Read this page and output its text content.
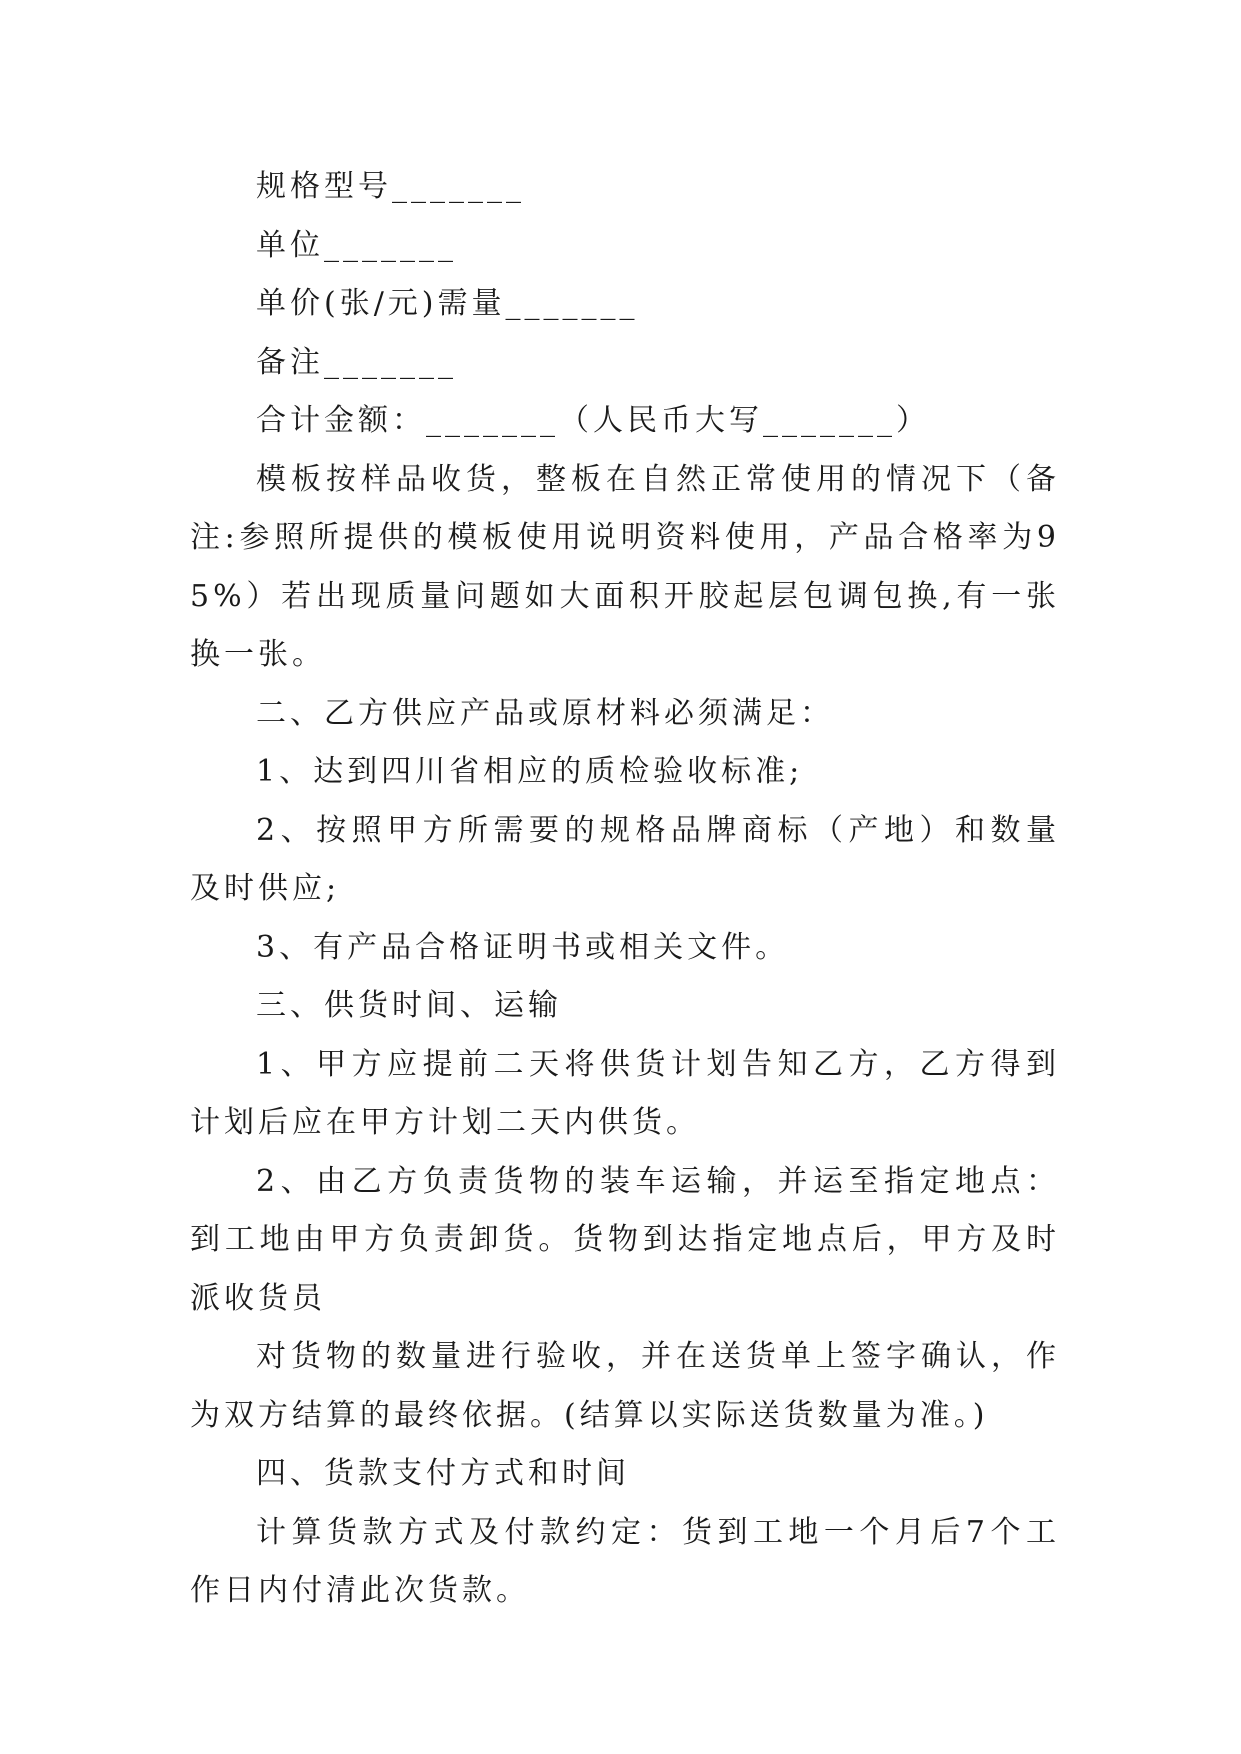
规格型号_______

单位_______

单价(张/元)需量_______

备注_______

合计金额：_______（人民币大写_______）

模板按样品收货，整板在自然正常使用的情况下（备注:参照所提供的模板使用说明资料使用，产品合格率为95%）若出现质量问题如大面积开胶起层包调包换,有一张换一张。

二、乙方供应产品或原材料必须满足：

1、达到四川省相应的质检验收标准;

2、按照甲方所需要的规格品牌商标（产地）和数量及时供应;

3、有产品合格证明书或相关文件。

三、供货时间、运输

1、甲方应提前二天将供货计划告知乙方，乙方得到计划后应在甲方计划二天内供货。

2、由乙方负责货物的装车运输，并运至指定地点：到工地由甲方负责卸货。货物到达指定地点后，甲方及时派收货员

对货物的数量进行验收，并在送货单上签字确认，作为双方结算的最终依据。(结算以实际送货数量为准。)

四、货款支付方式和时间

计算货款方式及付款约定：货到工地一个月后7个工作日内付清此次货款。
